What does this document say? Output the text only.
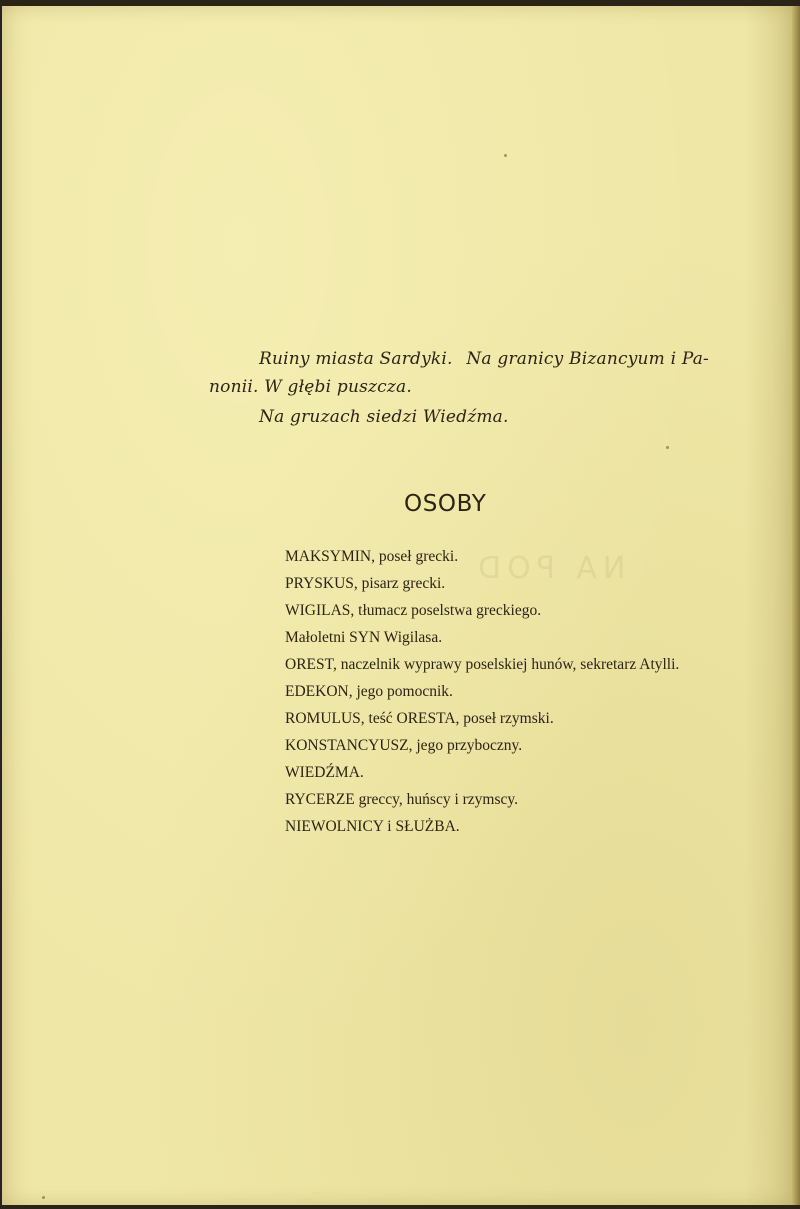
NA POD
Ruiny miasta Sardyki. Na granicy Bizancyum i Pa-
nonii. W głębi puszcza.
Na gruzach siedzi Wiedźma.
OSOBY
MAKSYMIN, poseł grecki.
PRYSKUS, pisarz grecki.
WIGILAS, tłumacz poselstwa greckiego.
Małoletni SYN Wigilasa.
OREST, naczelnik wyprawy poselskiej hunów, sekretarz Atylli.
EDEKON, jego pomocnik.
ROMULUS, teść ORESTA, poseł rzymski.
KONSTANCYUSZ, jego przyboczny.
WIEDŹMA.
RYCERZE greccy, huńscy i rzymscy.
NIEWOLNICY i SŁUŻBA.
